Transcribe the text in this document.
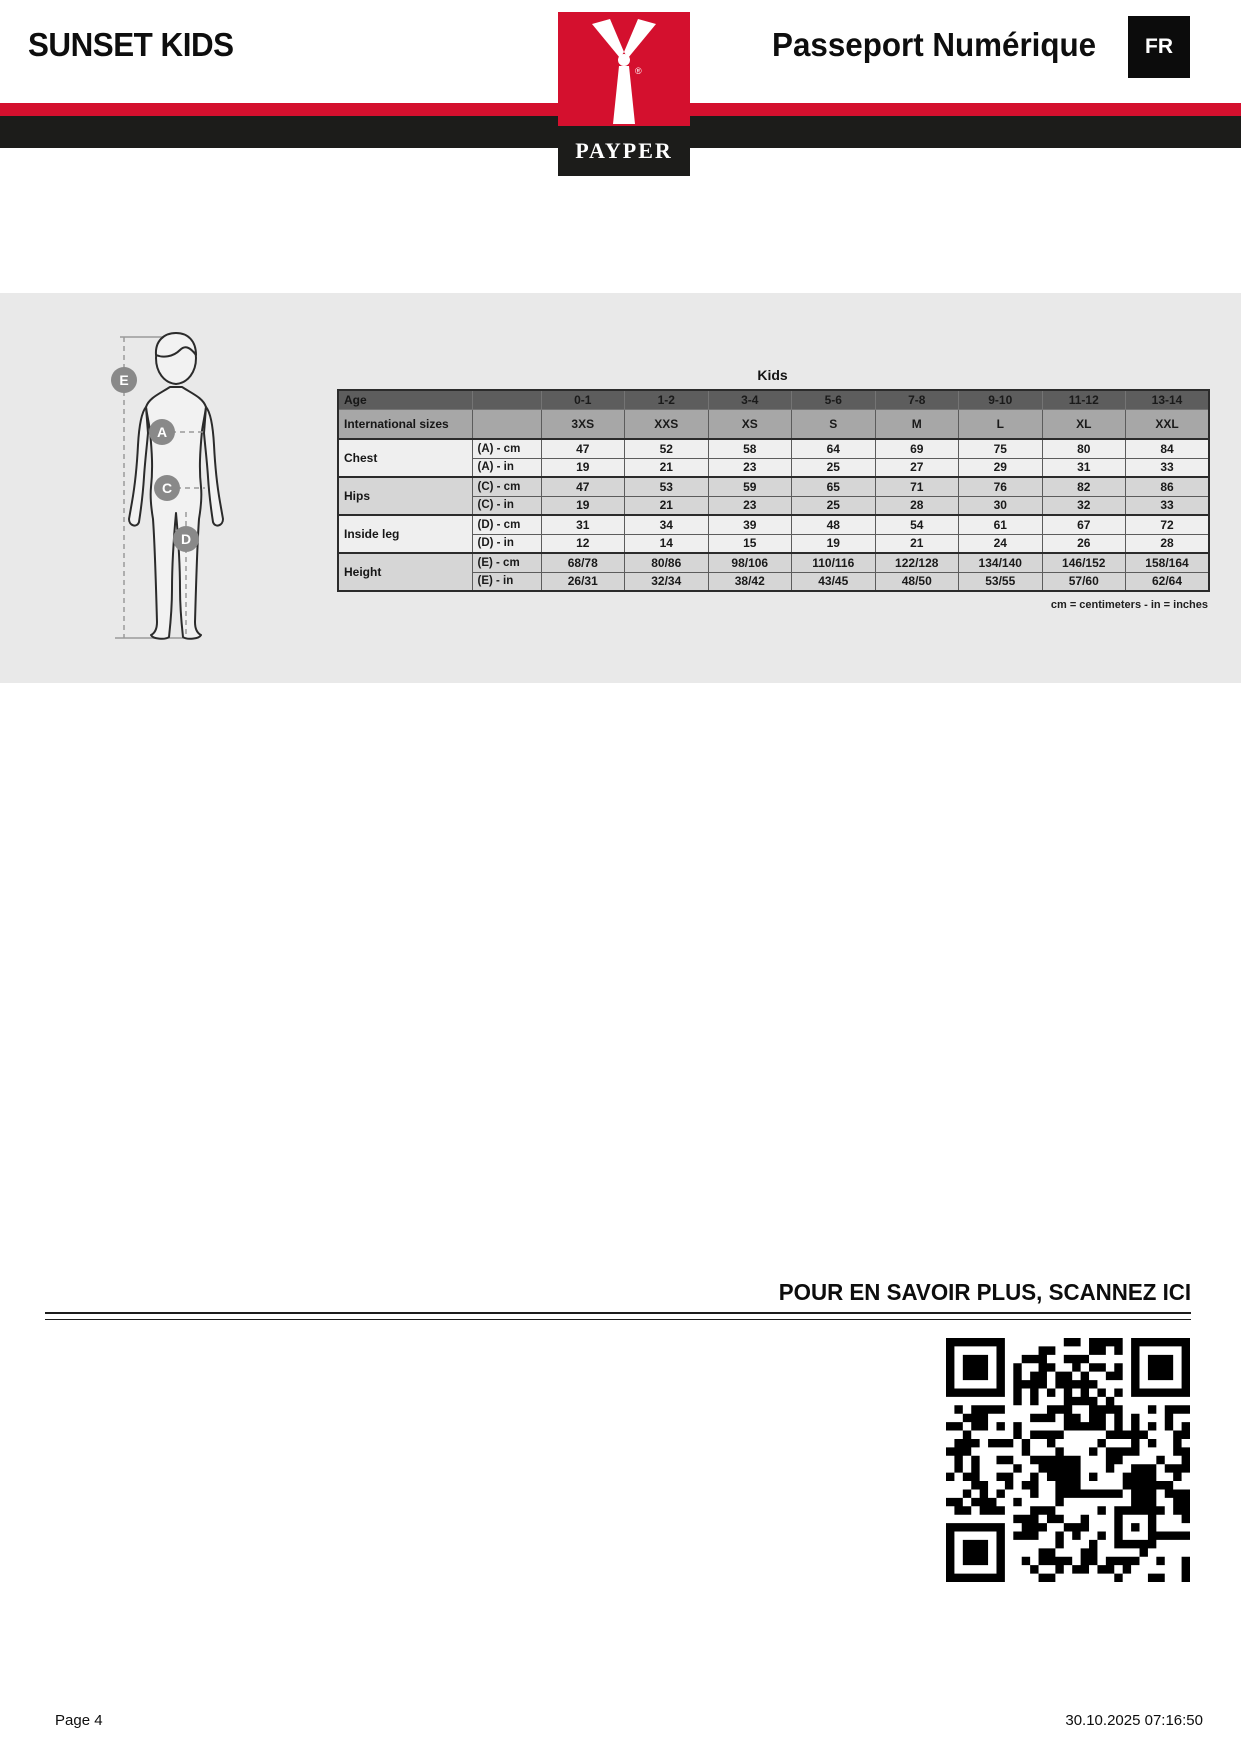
SUNSET KIDS	Passeport Numérique	FR
®
PAYPER
E
A
C
D
Kids
Age		0-1	1-2	3-4	5-6	7-8	9-10	11-12	13-14
International sizes		3XS	XXS	XS	S	M	L	XL	XXL
Chest	(A) - cm	47	52	58	64	69	75	80	84
	(A) - in	19	21	23	25	27	29	31	33
Hips	(C) - cm	47	53	59	65	71	76	82	86
	(C) - in	19	21	23	25	28	30	32	33
Inside leg	(D) - cm	31	34	39	48	54	61	67	72
	(D) - in	12	14	15	19	21	24	26	28
Height	(E) - cm	68/78	80/86	98/106	110/116	122/128	134/140	146/152	158/164
	(E) - in	26/31	32/34	38/42	43/45	48/50	53/55	57/60	62/64
cm = centimeters - in = inches
POUR EN SAVOIR PLUS, SCANNEZ ICI
Page 4	30.10.2025 07:16:50
